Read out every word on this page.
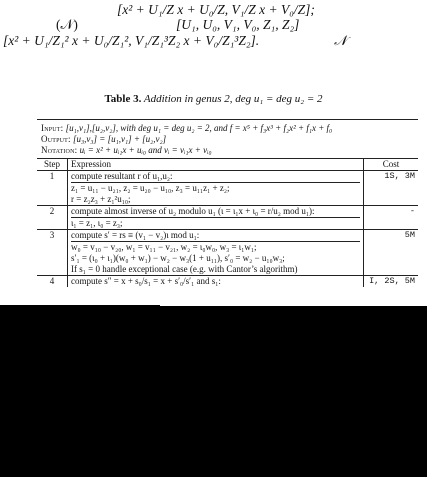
[x² + U₁/Z x + U₀/Z, V₁/Z x + V₀/Z];
(𝒩)	[U₁, U₀, V₁, V₀, Z₁, Z₂]
[x² + U₁/Z₁² x + U₀/Z₁², V₁/Z₁³Z₂ x + V₀/Z₁³Z₂].	𝒩
Table 3. Addition in genus 2, deg u₁ = deg u₂ = 2
Input: [u₁,v₁],[u₂,v₂], with deg u₁ = deg u₂ = 2, and f = x⁵ + f₃x³ + f₂x² + f₁x + f₀
Output: [u₃,v₃] = [u₁,v₁] + [u₂,v₂]
Notation: uᵢ = x² + uᵢ₁x + uᵢ₀ and vᵢ = vᵢ₁x + vᵢ₀
Step	Expression	Cost
1	compute resultant r of u₁,u₂:
z₁ = u₁₁ − u₂₁, z₂ = u₂₀ − u₁₀, z₃ = u₁₁z₁ + z₂;
r = z₂z₃ + z₁²u₁₀;	1S, 3M
2	compute almost inverse of u₂ modulo u₁ (ι = ι₁x + ι₀ = r/u₂ mod u₁):
ι₁ = z₁, ι₀ = z₃;	-
3	compute s′ = rs ≡ (v₁ − v₂)ι mod u₁:
w₀ = v₁₀ − v₂₀, w₁ = v₁₁ − v₂₁, w₂ = ι₀w₀, w₃ = ι₁w₁;
s′₁ = (ι₀ + ι₁)(w₀ + w₁) − w₂ − w₃(1 + u₁₁), s′₀ = w₂ − u₁₀w₃;
If s₁ = 0 handle exceptional case (e.g. with Cantor’s algorithm)	5M
4	compute s″ = x + s₀/s₁ = x + s′₀/s′₁ and s₁:	I, 2S, 5M
